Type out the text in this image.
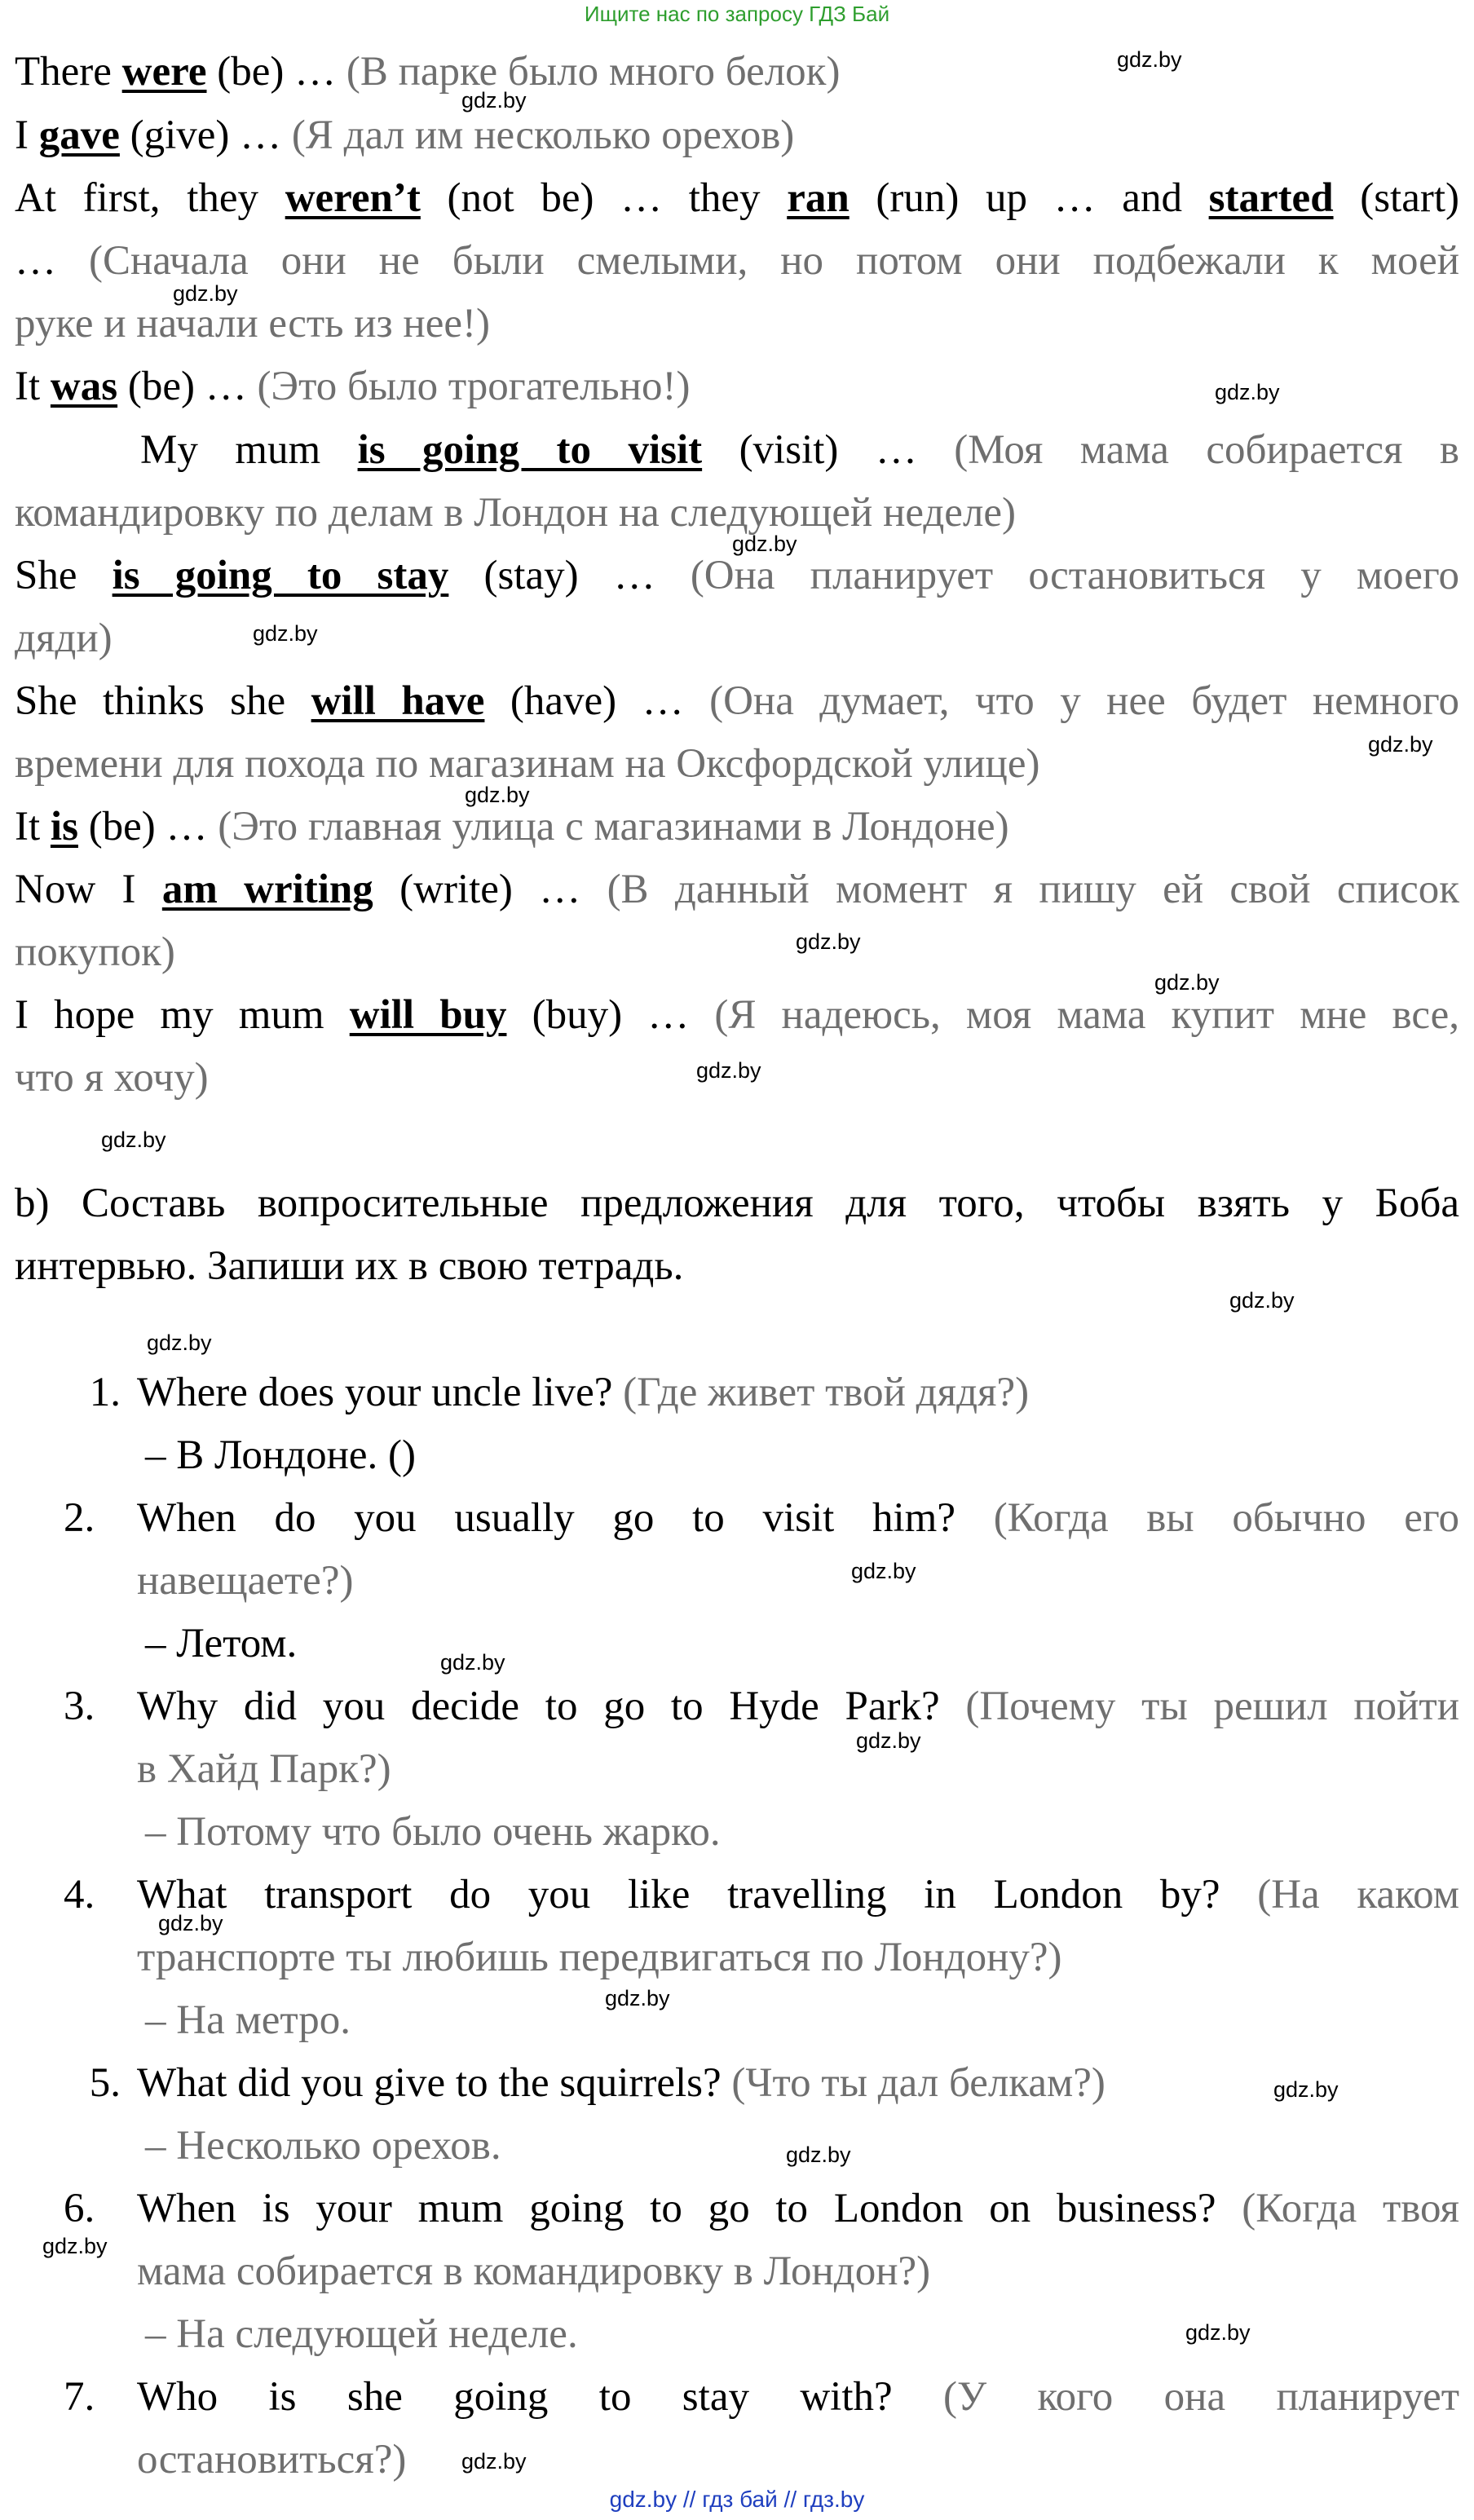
Ищите нас по запросу ГДЗ Бай
There were (be) … (В парке было много белок)
I gave (give) … (Я дал им несколько орехов)
At first, they weren’t (not be) … they ran (run) up … and started (start)
… (Сначала они не были смелыми, но потом они подбежали к моей
руке и начали есть из нее!)
It was (be) … (Это было трогательно!)
My mum is going to visit (visit) … (Моя мама собирается в
командировку по делам в Лондон на следующей неделе)
She is going to stay (stay) … (Она планирует остановиться у моего
дяди)
She thinks she will have (have) … (Она думает, что у нее будет немного
времени для похода по магазинам на Оксфордской улице)
It is (be) … (Это главная улица с магазинами в Лондоне)
Now I am writing (write) … (В данный момент я пишу ей свой список
покупок)
I hope my mum will buy (buy) … (Я надеюсь, моя мама купит мне все,
что я хочу)
b) Составь вопросительные предложения для того, чтобы взять у Боба
интервью. Запиши их в свою тетрадь.
1. Where does your uncle live? (Где живет твой дядя?)
– В Лондоне. ()
2. When do you usually go to visit him? (Когда вы обычно его
навещаете?)
– Летом.
3. Why did you decide to go to Hyde Park? (Почему ты решил пойти
в Хайд Парк?)
– Потому что было очень жарко.
4. What transport do you like travelling in London by? (На каком
транспорте ты любишь передвигаться по Лондону?)
– На метро.
5. What did you give to the squirrels? (Что ты дал белкам?)
– Несколько орехов.
6. When is your mum going to go to London on business? (Когда твоя
мама собирается в командировку в Лондон?)
– На следующей неделе.
7. Who is she going to stay with? (У кого она планирует
остановиться?)
gdz.by
gdz.by
gdz.by
gdz.by
gdz.by
gdz.by
gdz.by
gdz.by
gdz.by
gdz.by
gdz.by
gdz.by
gdz.by
gdz.by
gdz.by
gdz.by
gdz.by
gdz.by
gdz.by
gdz.by
gdz.by
gdz.by
gdz.by
gdz.by
gdz.by // гдз бай // гдз.by
